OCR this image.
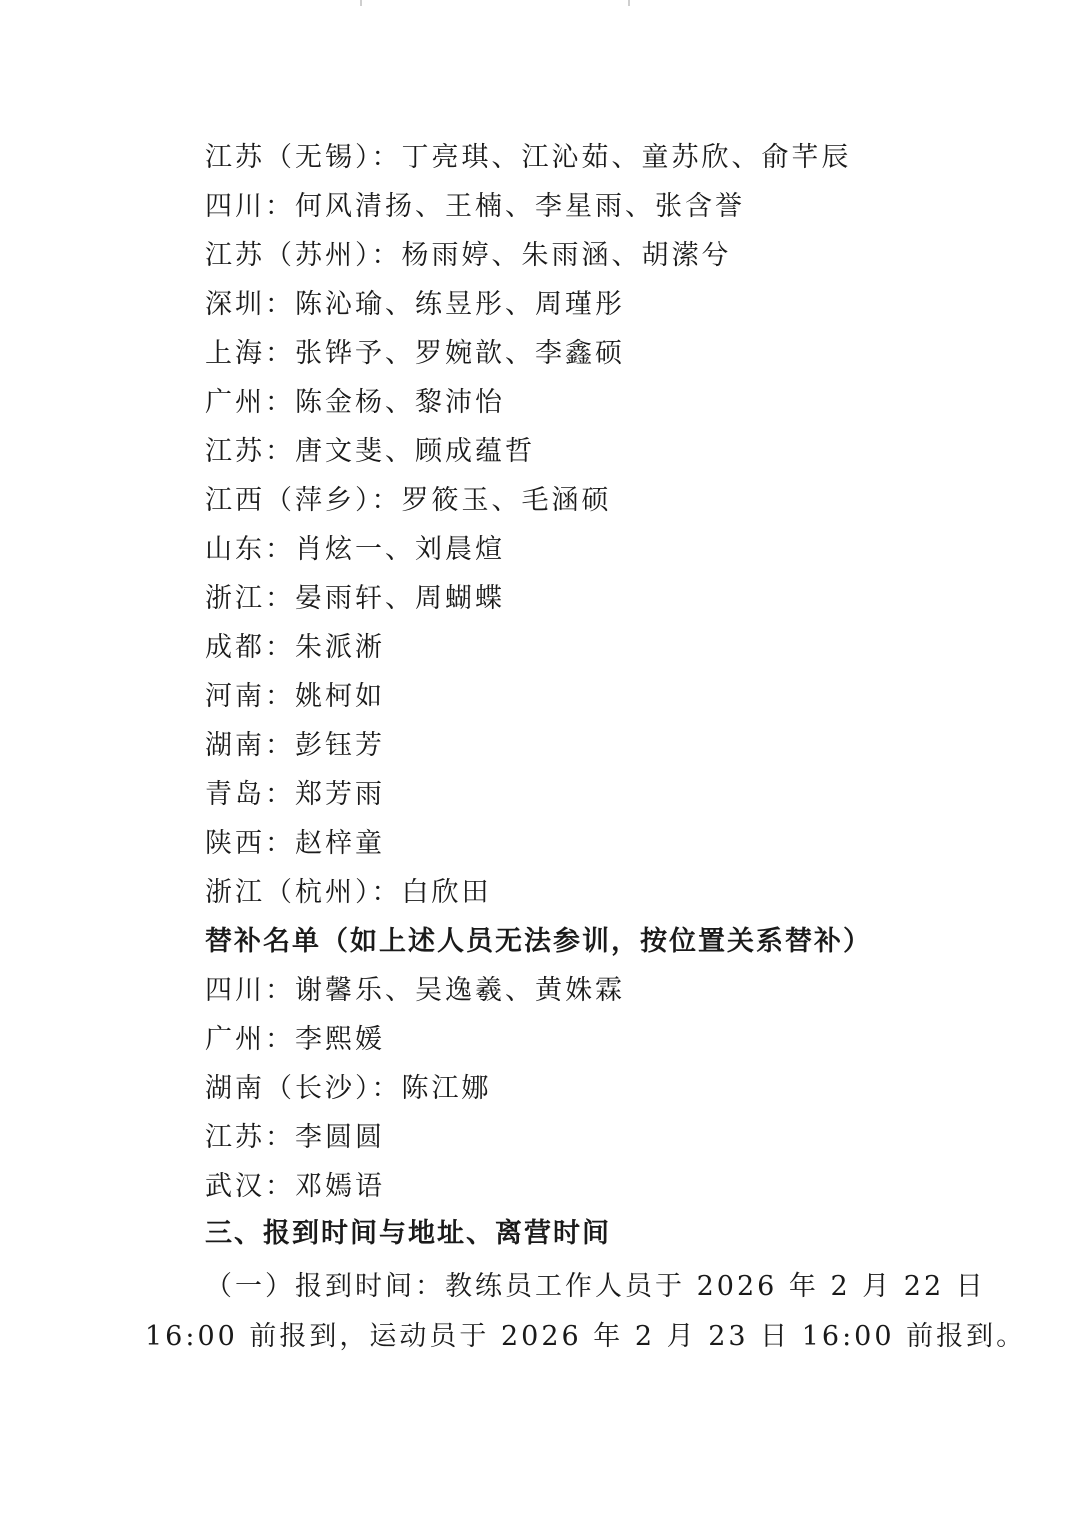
江苏（无锡）：丁亮琪、江沁茹、童苏欣、俞芊辰
四川：何风清扬、王楠、李星雨、张含誉
江苏（苏州）：杨雨婷、朱雨涵、胡潆兮
深圳：陈沁瑜、练昱彤、周瑾彤
上海：张铧予、罗婉歆、李鑫硕
广州：陈金杨、黎沛怡
江苏：唐文斐、顾成蕴哲
江西（萍乡）：罗筱玉、毛涵硕
山东：肖炫一、刘晨煊
浙江：晏雨轩、周蝴蝶
成都：朱派淅
河南：姚柯如
湖南：彭钰芳
青岛：郑芳雨
陕西：赵梓童
浙江（杭州）：白欣田
替补名单（如上述人员无法参训，按位置关系替补）
四川：谢馨乐、吴逸羲、黄姝霖
广州：李熙媛
湖南（长沙）：陈江娜
江苏：李圆圆
武汉：邓嫣语
三、报到时间与地址、离营时间
（一）报到时间：教练员工作人员于 2026 年 2 月 22 日
16:00 前报到，运动员于 2026 年 2 月 23 日 16:00 前报到。
